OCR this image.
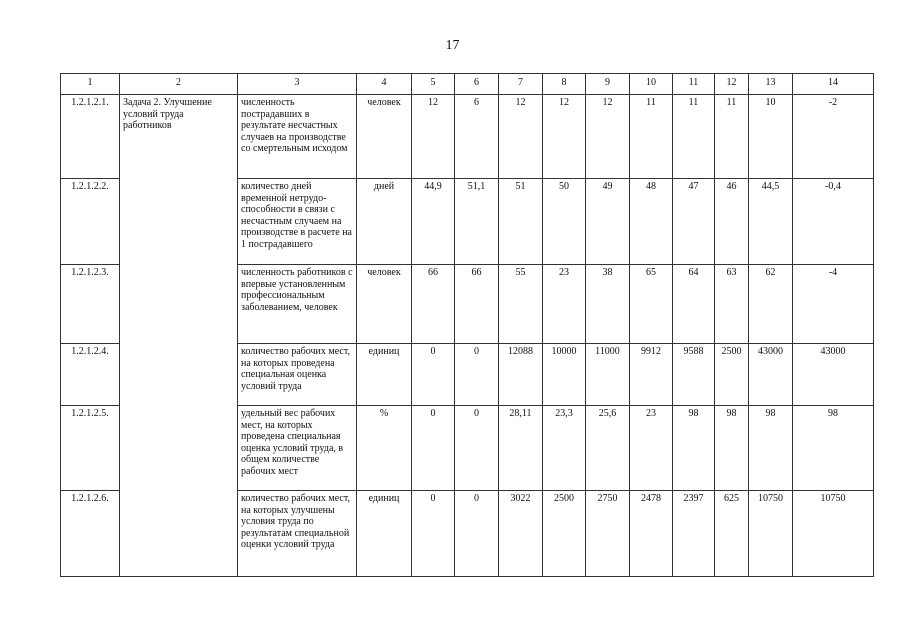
17
1	2	3	4	5	6	7	8	9	10	11	12	13	14
1.2.1.2.1.	Задача 2. Улучшение условий труда работников	численность пострадавших в результате несчастных случаев на производстве со смертельным исходом	человек	12	6	12	12	12	11	11	11	10	-2
1.2.1.2.2.		количество дней временной нетрудо-способности в связи с несчастным случаем на производстве в расчете на 1 пострадавшего	дней	44,9	51,1	51	50	49	48	47	46	44,5	-0,4
1.2.1.2.3.		численность работников с впервые установленным профессиональным заболеванием, человек	человек	66	66	55	23	38	65	64	63	62	-4
1.2.1.2.4.		количество рабочих мест, на которых проведена специальная оценка условий труда	единиц	0	0	12088	10000	11000	9912	9588	2500	43000	43000
1.2.1.2.5.		удельный вес рабочих мест, на которых проведена специальная оценка условий труда, в общем количестве рабочих мест	%	0	0	28,11	23,3	25,6	23	98	98	98	98
1.2.1.2.6.		количество рабочих мест, на которых улучшены условия труда по результатам специальной оценки условий труда	единиц	0	0	3022	2500	2750	2478	2397	625	10750	10750
